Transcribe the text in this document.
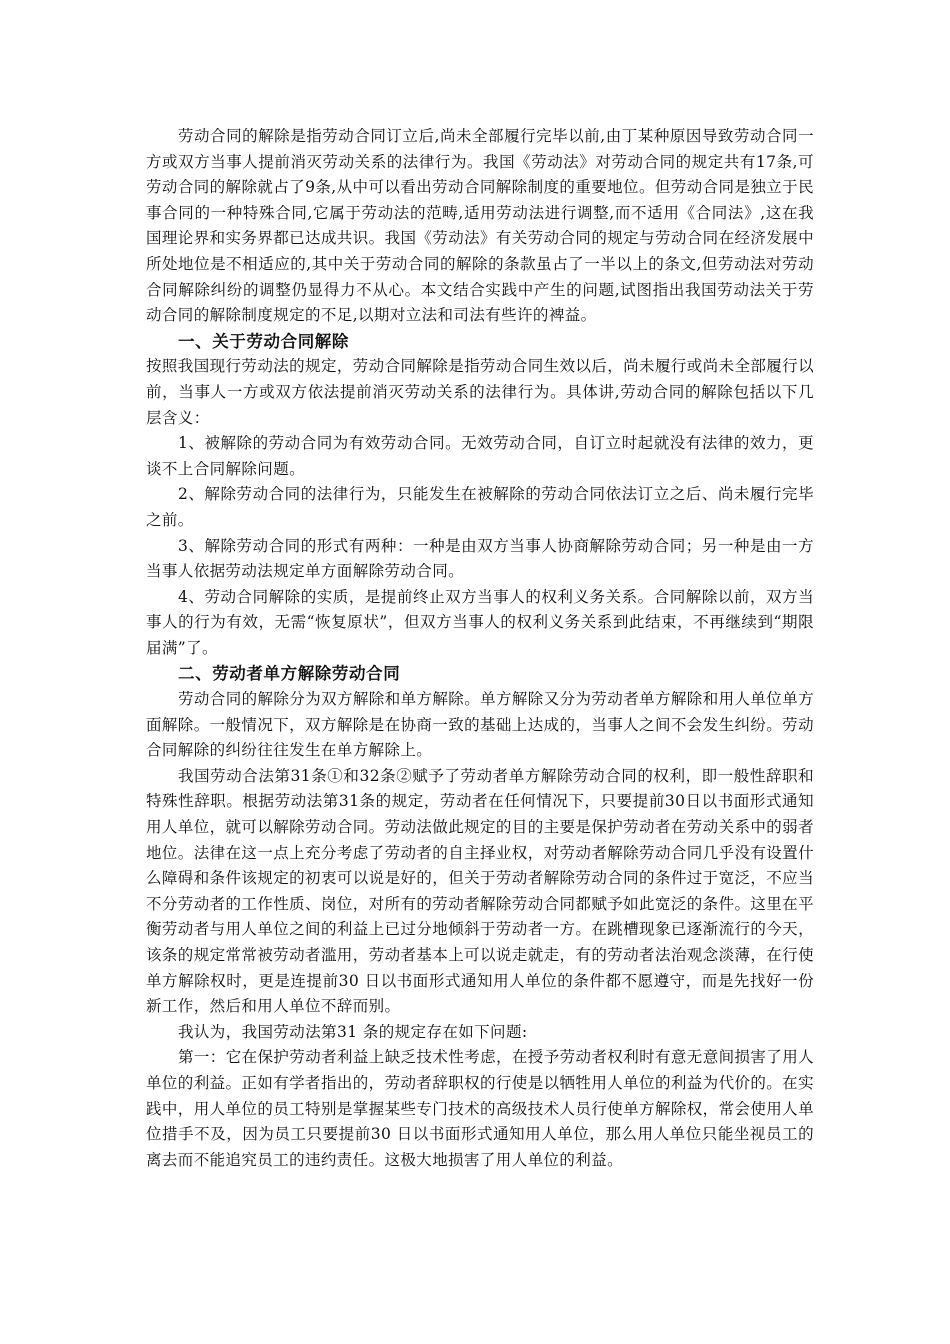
劳动合同的解除是指劳动合同订立后,尚未全部履行完毕以前,由丁某种原因导致劳动合同一方或双方当事人提前消灭劳动关系的法律行为。我国《劳动法》对劳动合同的规定共有17条,可劳动合同的解除就占了9条,从中可以看出劳动合同解除制度的重要地位。但劳动合同是独立于民事合同的一种特殊合同,它属于劳动法的范畴,适用劳动法进行调整,而不适用《合同法》,这在我国理论界和实务界都已达成共识。我国《劳动法》有关劳动合同的规定与劳动合同在经济发展中所处地位是不相适应的,其中关于劳动合同的解除的条款虽占了一半以上的条文,但劳动法对劳动合同解除纠纷的调整仍显得力不从心。本文结合实践中产生的问题,试图指出我国劳动法关于劳动合同的解除制度规定的不足,以期对立法和司法有些许的裨益。

一、关于劳动合同解除

按照我国现行劳动法的规定，劳动合同解除是指劳动合同生效以后，尚未履行或尚未全部履行以前，当事人一方或双方依法提前消灭劳动关系的法律行为。具体讲,劳动合同的解除包括以下几层含义：

1、被解除的劳动合同为有效劳动合同。无效劳动合同，自订立时起就没有法律的效力，更谈不上合同解除问题。

2、解除劳动合同的法律行为，只能发生在被解除的劳动合同依法订立之后、尚未履行完毕之前。

3、解除劳动合同的形式有两种：一种是由双方当事人协商解除劳动合同；另一种是由一方当事人依据劳动法规定单方面解除劳动合同。

4、劳动合同解除的实质，是提前终止双方当事人的权利义务关系。合同解除以前，双方当事人的行为有效，无需“恢复原状”，但双方当事人的权利义务关系到此结束，不再继续到“期限届满”了。

二、劳动者单方解除劳动合同

劳动合同的解除分为双方解除和单方解除。单方解除又分为劳动者单方解除和用人单位单方面解除。一般情况下，双方解除是在协商一致的基础上达成的，当事人之间不会发生纠纷。劳动合同解除的纠纷往往发生在单方解除上。

我国劳动合法第31条①和32条②赋予了劳动者单方解除劳动合同的权利，即一般性辞职和特殊性辞职。根据劳动法第31条的规定，劳动者在任何情况下，只要提前30日以书面形式通知用人单位，就可以解除劳动合同。劳动法做此规定的目的主要是保护劳动者在劳动关系中的弱者地位。法律在这一点上充分考虑了劳动者的自主择业权，对劳动者解除劳动合同几乎没有设置什么障碍和条件该规定的初衷可以说是好的，但关于劳动者解除劳动合同的条件过于宽泛，不应当不分劳动者的工作性质、岗位，对所有的劳动者解除劳动合同都赋予如此宽泛的条件。这里在平衡劳动者与用人单位之间的利益上已过分地倾斜于劳动者一方。在跳槽现象已逐渐流行的今天，该条的规定常常被劳动者滥用，劳动者基本上可以说走就走，有的劳动者法治观念淡薄，在行使单方解除权时，更是连提前30 日以书面形式通知用人单位的条件都不愿遵守，而是先找好一份新工作，然后和用人单位不辞而别。

我认为，我国劳动法第31 条的规定存在如下问题:

第一：它在保护劳动者利益上缺乏技术性考虑，在授予劳动者权利时有意无意间损害了用人单位的利益。正如有学者指出的，劳动者辞职权的行使是以牺牲用人单位的利益为代价的。在实践中，用人单位的员工特别是掌握某些专门技术的高级技术人员行使单方解除权，常会使用人单位措手不及，因为员工只要提前30 日以书面形式通知用人单位，那么用人单位只能坐视员工的离去而不能追究员工的违约责任。这极大地损害了用人单位的利益。
